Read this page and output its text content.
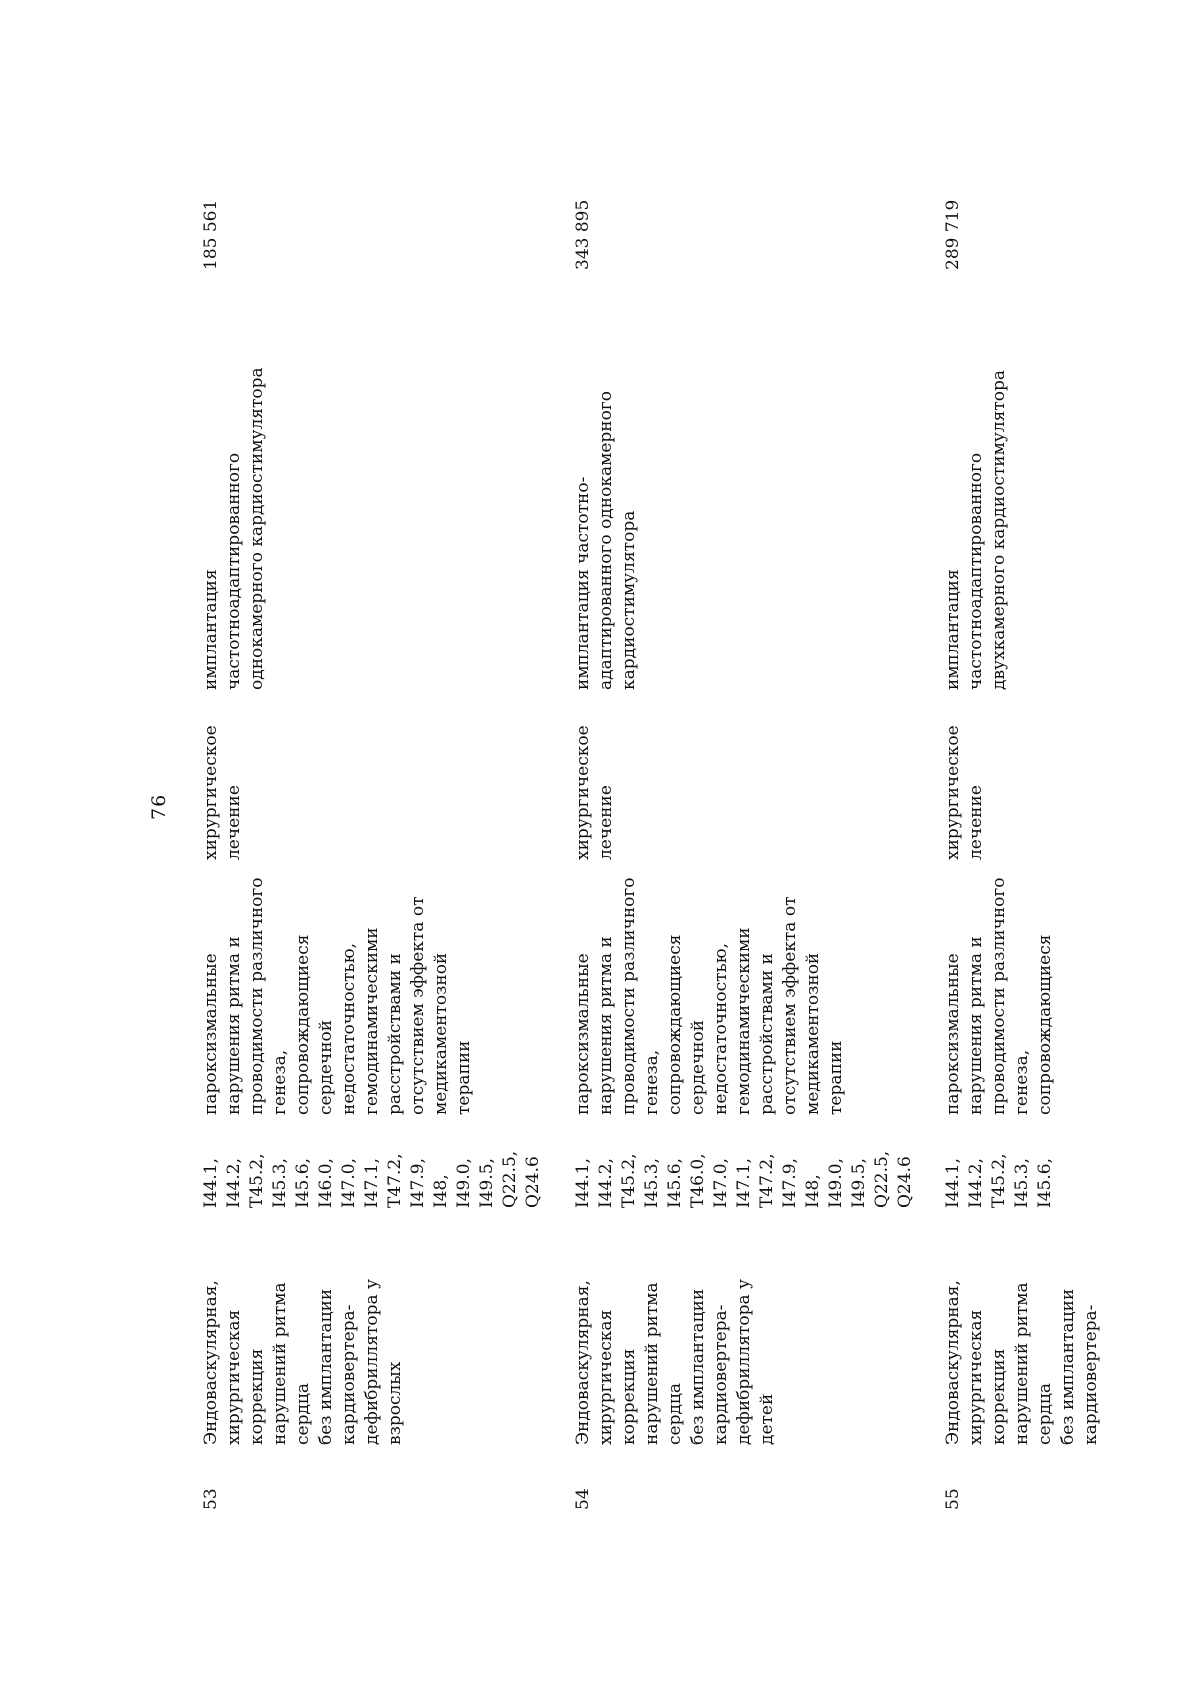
76
53
Эндоваскулярная,
хирургическая коррекция
нарушений ритма сердца
без имплантации
кардиовертера-
дефибриллятора у взрослых
I44.1,
I44.2,
T45.2,
I45.3,
I45.6,
I46.0,
I47.0,
I47.1,
T47.2,
I47.9,
I48,
I49.0,
I49.5,
Q22.5,
Q24.6
пароксизмальные
нарушения ритма и
проводимости различного
генеза,
сопровождающиеся
сердечной
недостаточностью,
гемодинамическими
расстройствами и
отсутствием эффекта от
медикаментозной терапии
хирургическое
лечение
имплантация
частотноадаптированного
однокамерного кардиостимулятора
185 561
54
Эндоваскулярная,
хирургическая коррекция
нарушений ритма сердца
без имплантации
кардиовертера-
дефибриллятора у детей
I44.1,
I44.2,
T45.2,
I45.3,
I45.6,
T46.0,
I47.0,
I47.1,
T47.2,
I47.9,
I48,
I49.0,
I49.5,
Q22.5,
Q24.6
пароксизмальные
нарушения ритма и
проводимости различного
генеза,
сопровождающиеся
сердечной
недостаточностью,
гемодинамическими
расстройствами и
отсутствием эффекта от
медикаментозной терапии
хирургическое
лечение
имплантация частотно-
адаптированного однокамерного
кардиостимулятора
343 895
55
Эндоваскулярная,
хирургическая коррекция
нарушений ритма сердца
без имплантации
кардиовертера-
I44.1,
I44.2,
T45.2,
I45.3,
I45.6,
пароксизмальные
нарушения ритма и
проводимости различного
генеза,
сопровождающиеся
хирургическое
лечение
имплантация
частотноадаптированного
двухкамерного кардиостимулятора
289 719
